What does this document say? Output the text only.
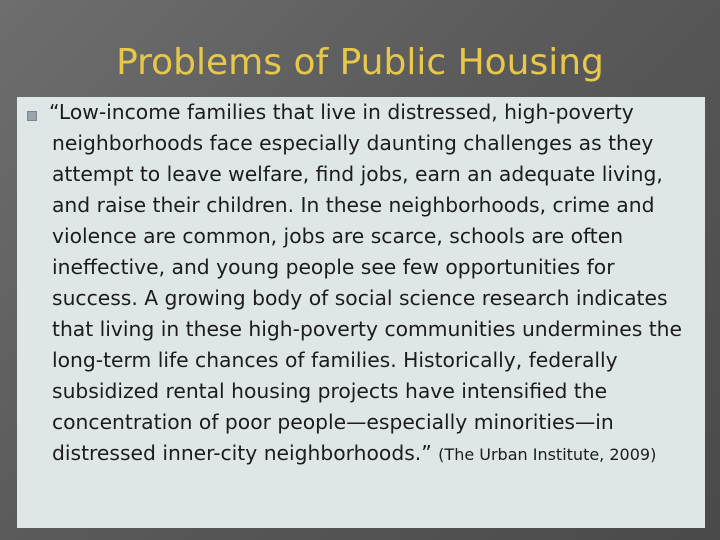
Problems of Public Housing

“Low-income families that live in distressed, high-poverty neighborhoods face especially daunting challenges as they attempt to leave welfare, find jobs, earn an adequate living, and raise their children. In these neighborhoods, crime and violence are common, jobs are scarce, schools are often ineffective, and young people see few opportunities for success. A growing body of social science research indicates that living in these high-poverty communities undermines the long-term life chances of families. Historically, federally subsidized rental housing projects have intensified the concentration of poor people—especially minorities—in distressed inner-city neighborhoods.” (The Urban Institute, 2009)
